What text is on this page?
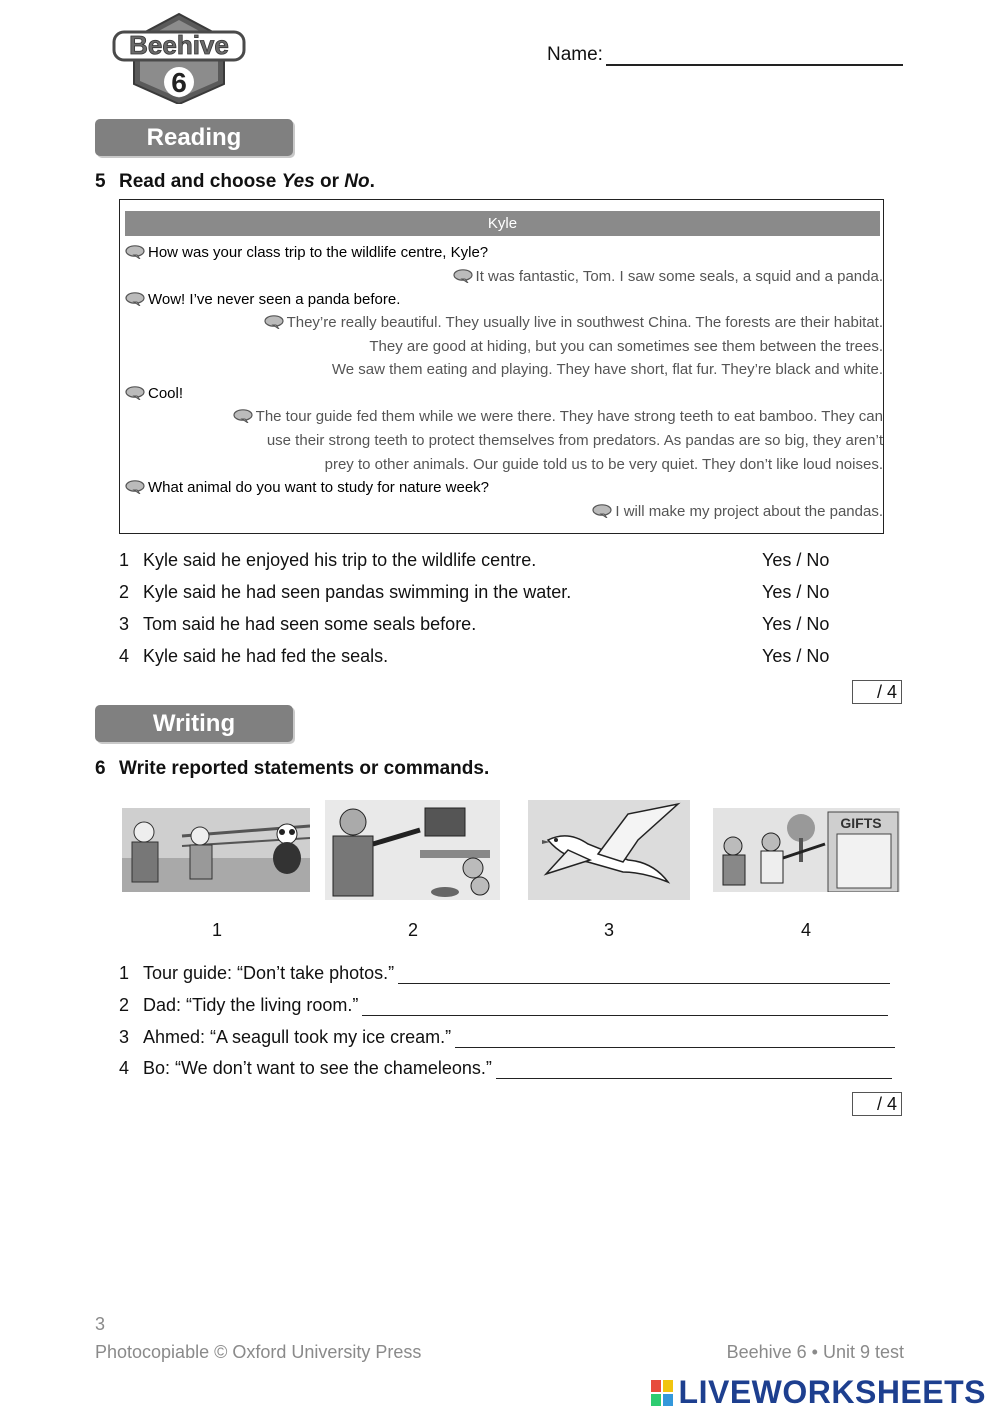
Beehive
6
Name:
Reading
5 Read and choose Yes or No.
Kyle
How was your class trip to the wildlife centre, Kyle?
It was fantastic, Tom. I saw some seals, a squid and a panda.
Wow! I’ve never seen a panda before.
They’re really beautiful. They usually live in southwest China. The forests are their habitat.
They are good at hiding, but you can sometimes see them between the trees.
We saw them eating and playing. They have short, flat fur. They’re black and white.
Cool!
The tour guide fed them while we were there. They have strong teeth to eat bamboo. They can
use their strong teeth to protect themselves from predators. As pandas are so big, they aren’t
prey to other animals. Our guide told us to be very quiet. They don’t like loud noises.
What animal do you want to study for nature week?
I will make my project about the pandas.
1 Kyle said he enjoyed his trip to the wildlife centre.	Yes / No
2 Kyle said he had seen pandas swimming in the water.	Yes / No
3 Tom said he had seen some seals before.	Yes / No
4 Kyle said he had fed the seals.	Yes / No
/ 4
Writing
6 Write reported statements or commands.
GIFTS
1	2	3	4
1 Tour guide: “Don’t take photos.”
2 Dad: “Tidy the living room.”
3 Ahmed: “A seagull took my ice cream.”
4 Bo: “We don’t want to see the chameleons.”
/ 4
3
Photocopiable © Oxford University Press	Beehive 6 • Unit 9 test
LIVEWORKSHEETS
